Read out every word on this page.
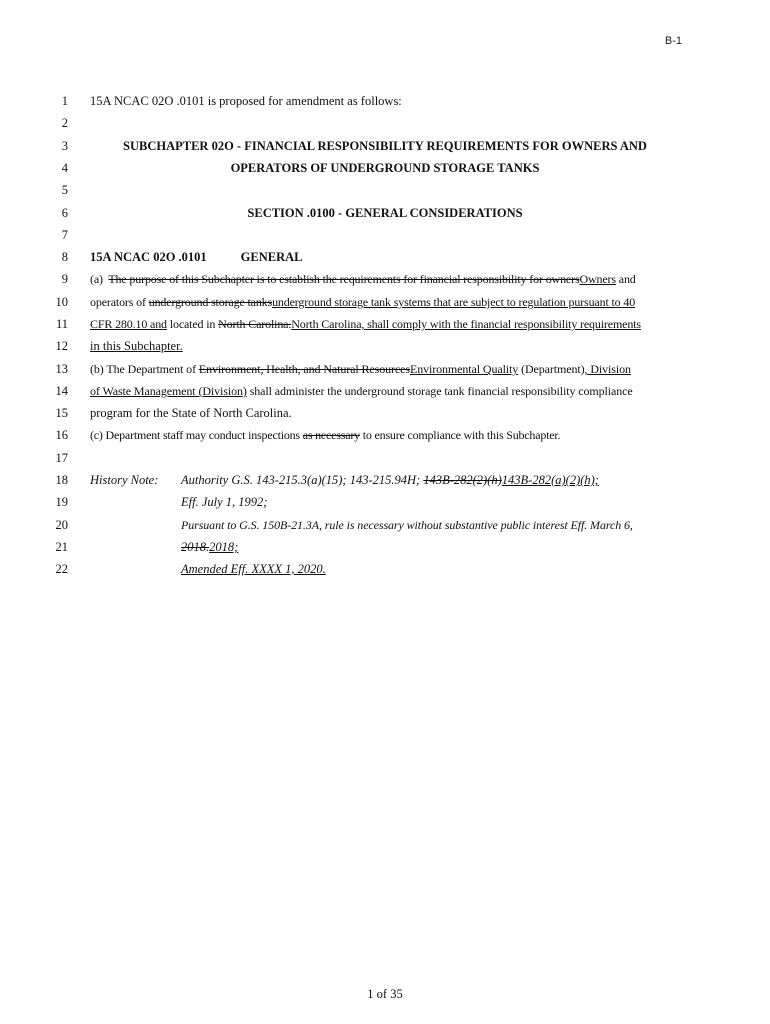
B-1
1 15A NCAC 02O .0101 is proposed for amendment as follows:
2
3	SUBCHAPTER 02O - FINANCIAL RESPONSIBILITY REQUIREMENTS FOR OWNERS AND
4	OPERATORS OF UNDERGROUND STORAGE TANKS
5
6	SECTION .0100 - GENERAL CONSIDERATIONS
7
8 15A NCAC 02O .0101	GENERAL
9 (a) The purpose of this Subchapter is to establish the requirements for financial responsibility for ownersOwners and
10 operators of underground storage tanksunderground storage tank systems that are subject to regulation pursuant to 40
11 CFR 280.10 and located in North Carolina.North Carolina, shall comply with the financial responsibility requirements
12 in this Subchapter.
13 (b) The Department of Environment, Health, and Natural ResourcesEnvironmental Quality (Department), Division
14 of Waste Management (Division) shall administer the underground storage tank financial responsibility compliance
15 program for the State of North Carolina.
16 (c) Department staff may conduct inspections as necessary to ensure compliance with this Subchapter.
17
18 History Note: Authority G.S. 143-215.3(a)(15); 143-215.94H; 143B-282(2)(h)143B-282(a)(2)(h);
19	Eff. July 1, 1992;
20	Pursuant to G.S. 150B-21.3A, rule is necessary without substantive public interest Eff. March 6,
21	2018.2018;
22	Amended Eff. XXXX 1, 2020.
1 of 35
